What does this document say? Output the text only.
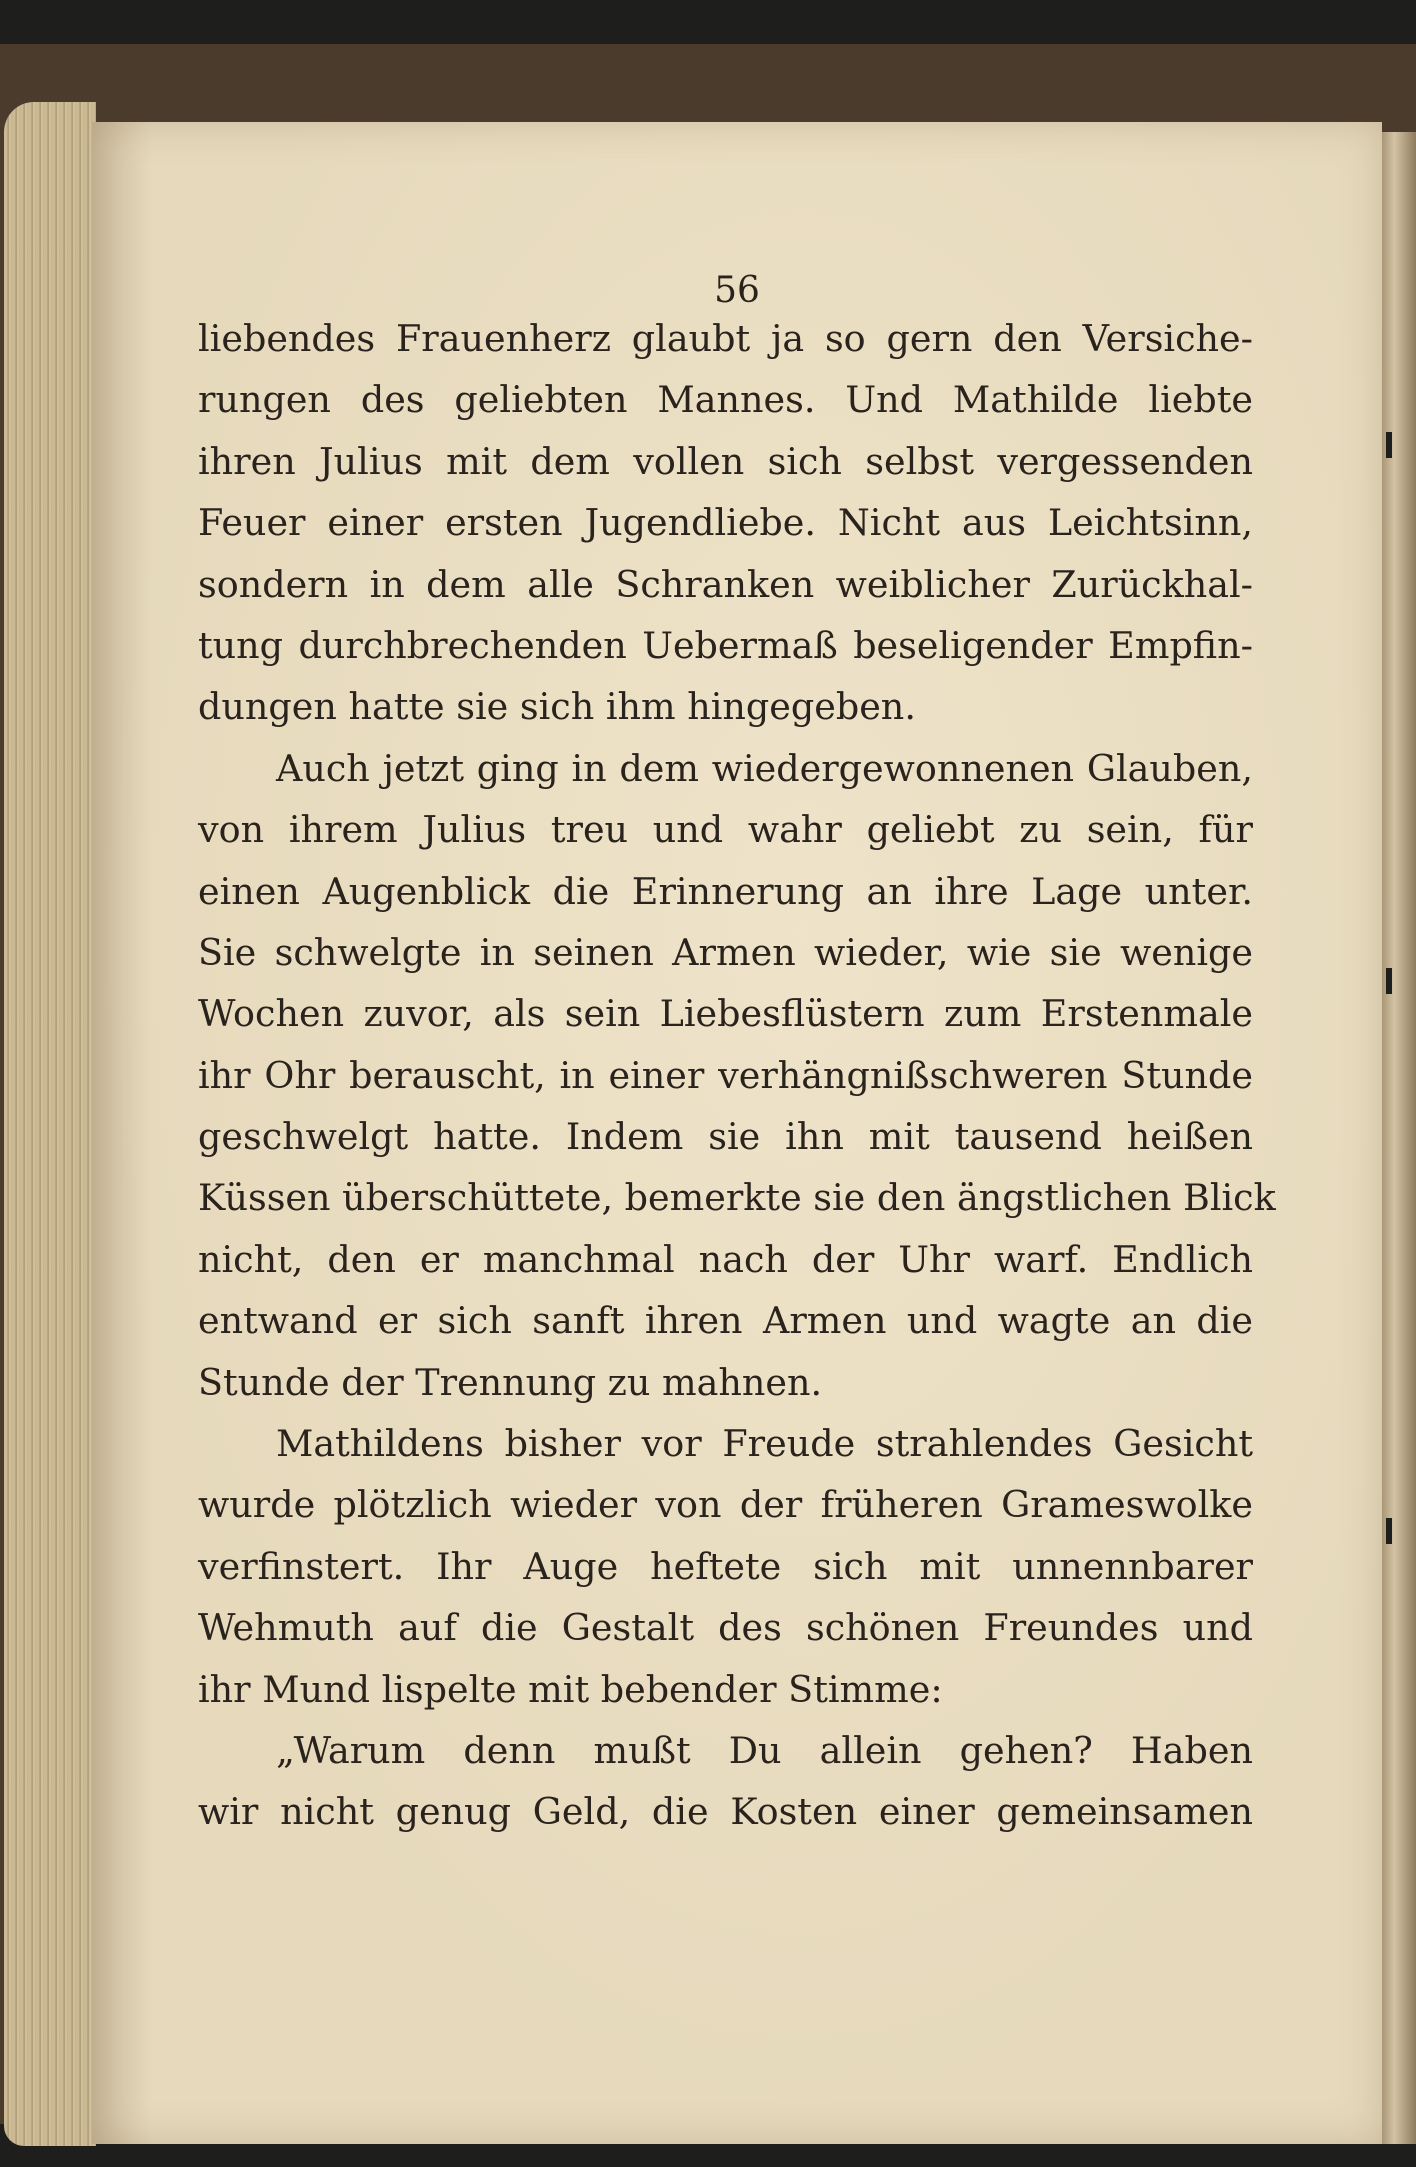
56
liebendes Frauenherz glaubt ja so gern den Versiche-
rungen des geliebten Mannes. Und Mathilde liebte
ihren Julius mit dem vollen sich selbst vergessenden
Feuer einer ersten Jugendliebe. Nicht aus Leichtsinn,
sondern in dem alle Schranken weiblicher Zurückhal-
tung durchbrechenden Uebermaß beseligender Empfin-
dungen hatte sie sich ihm hingegeben.
Auch jetzt ging in dem wiedergewonnenen Glauben,
von ihrem Julius treu und wahr geliebt zu sein, für
einen Augenblick die Erinnerung an ihre Lage unter.
Sie schwelgte in seinen Armen wieder, wie sie wenige
Wochen zuvor, als sein Liebesflüstern zum Erstenmale
ihr Ohr berauscht, in einer verhängnißschweren Stunde
geschwelgt hatte. Indem sie ihn mit tausend heißen
Küssen überschüttete, bemerkte sie den ängstlichen Blick
nicht, den er manchmal nach der Uhr warf. Endlich
entwand er sich sanft ihren Armen und wagte an die
Stunde der Trennung zu mahnen.
Mathildens bisher vor Freude strahlendes Gesicht
wurde plötzlich wieder von der früheren Grameswolke
verfinstert. Ihr Auge heftete sich mit unnennbarer
Wehmuth auf die Gestalt des schönen Freundes und
ihr Mund lispelte mit bebender Stimme:
„Warum denn mußt Du allein gehen? Haben
wir nicht genug Geld, die Kosten einer gemeinsamen
